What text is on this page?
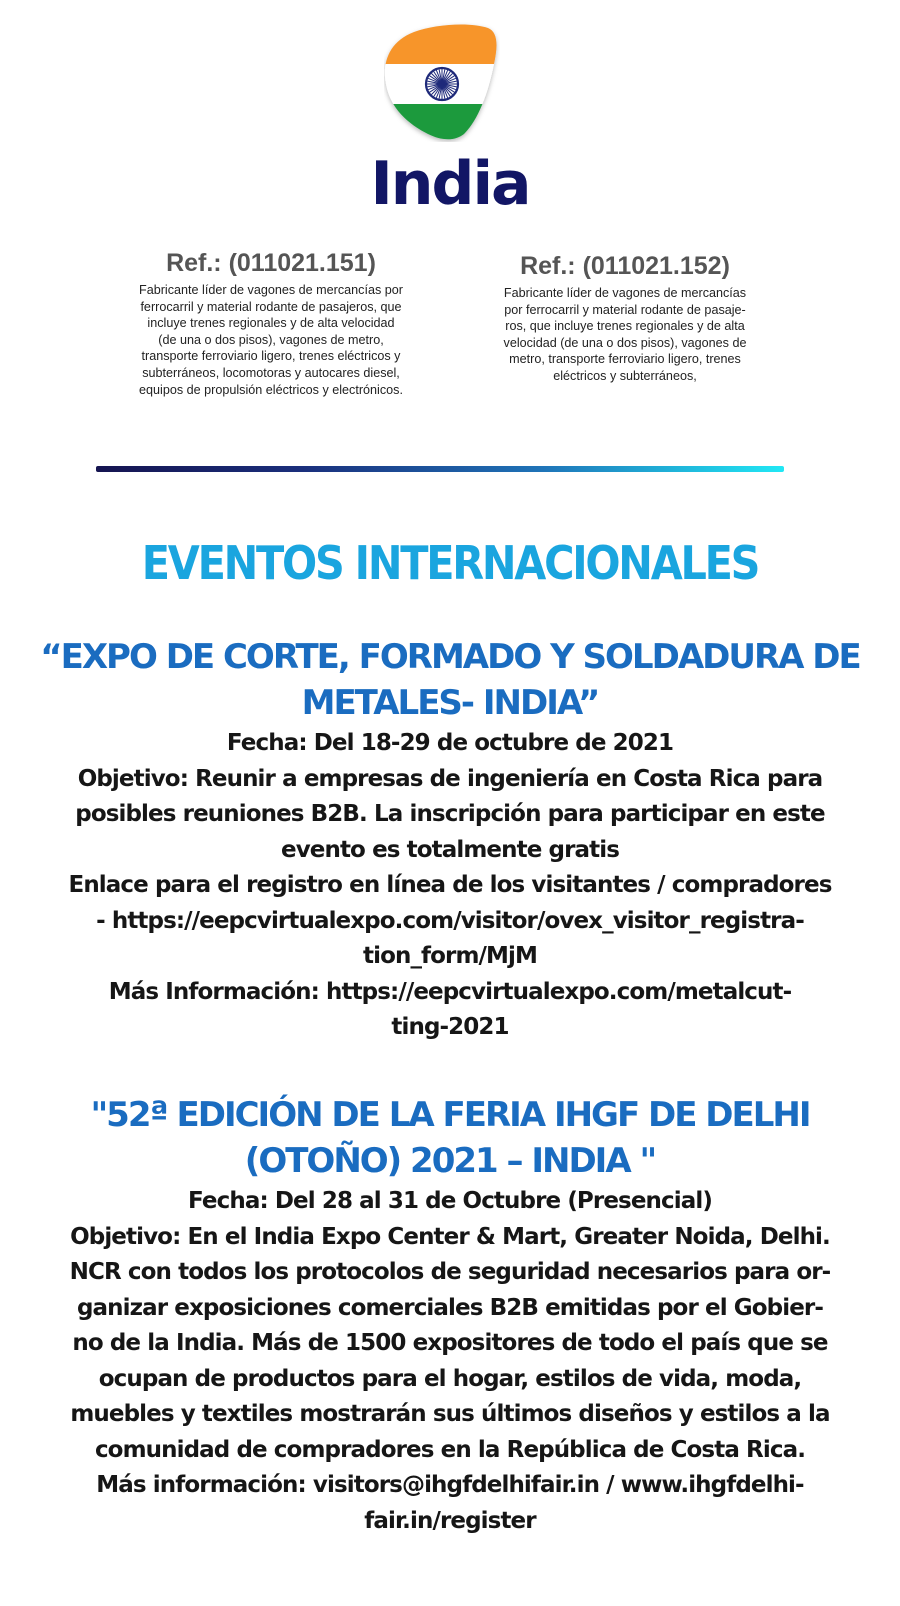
India
Ref.: (011021.151)
Fabricante líder de vagones de mercancías por
ferrocarril y material rodante de pasajeros, que
incluye trenes regionales y de alta velocidad
(de una o dos pisos), vagones de metro,
transporte ferroviario ligero, trenes eléctricos y
subterráneos, locomotoras y autocares diesel,
equipos de propulsión eléctricos y electrónicos.
Ref.: (011021.152)
Fabricante líder de vagones de mercancías
por ferrocarril y material rodante de pasaje-
ros, que incluye trenes regionales y de alta
velocidad (de una o dos pisos), vagones de
metro, transporte ferroviario ligero, trenes
eléctricos y subterráneos,
EVENTOS INTERNACIONALES
“EXPO DE CORTE, FORMADO Y SOLDADURA DE
METALES- INDIA”

Fecha: Del 18-29 de octubre de 2021

Objetivo: Reunir a empresas de ingeniería en Costa Rica para

posibles reuniones B2B. La inscripción para participar en este

evento es totalmente gratis

Enlace para el registro en línea de los visitantes / compradores

- https://eepcvirtualexpo.com/visitor/ovex_visitor_registra-

tion_form/MjM

Más Información: https://eepcvirtualexpo.com/metalcut-

ting-2021

"52ª EDICIÓN DE LA FERIA IHGF DE DELHI
(OTOÑO) 2021 – INDIA "

Fecha: Del 28 al 31 de Octubre (Presencial)

Objetivo: En el India Expo Center & Mart, Greater Noida, Delhi.

NCR con todos los protocolos de seguridad necesarios para or-

ganizar exposiciones comerciales B2B emitidas por el Gobier-

no de la India. Más de 1500 expositores de todo el país que se

ocupan de productos para el hogar, estilos de vida, moda,

muebles y textiles mostrarán sus últimos diseños y estilos a la

comunidad de compradores en la República de Costa Rica.

Más información: visitors@ihgfdelhifair.in / www.ihgfdelhi-

fair.in/register
